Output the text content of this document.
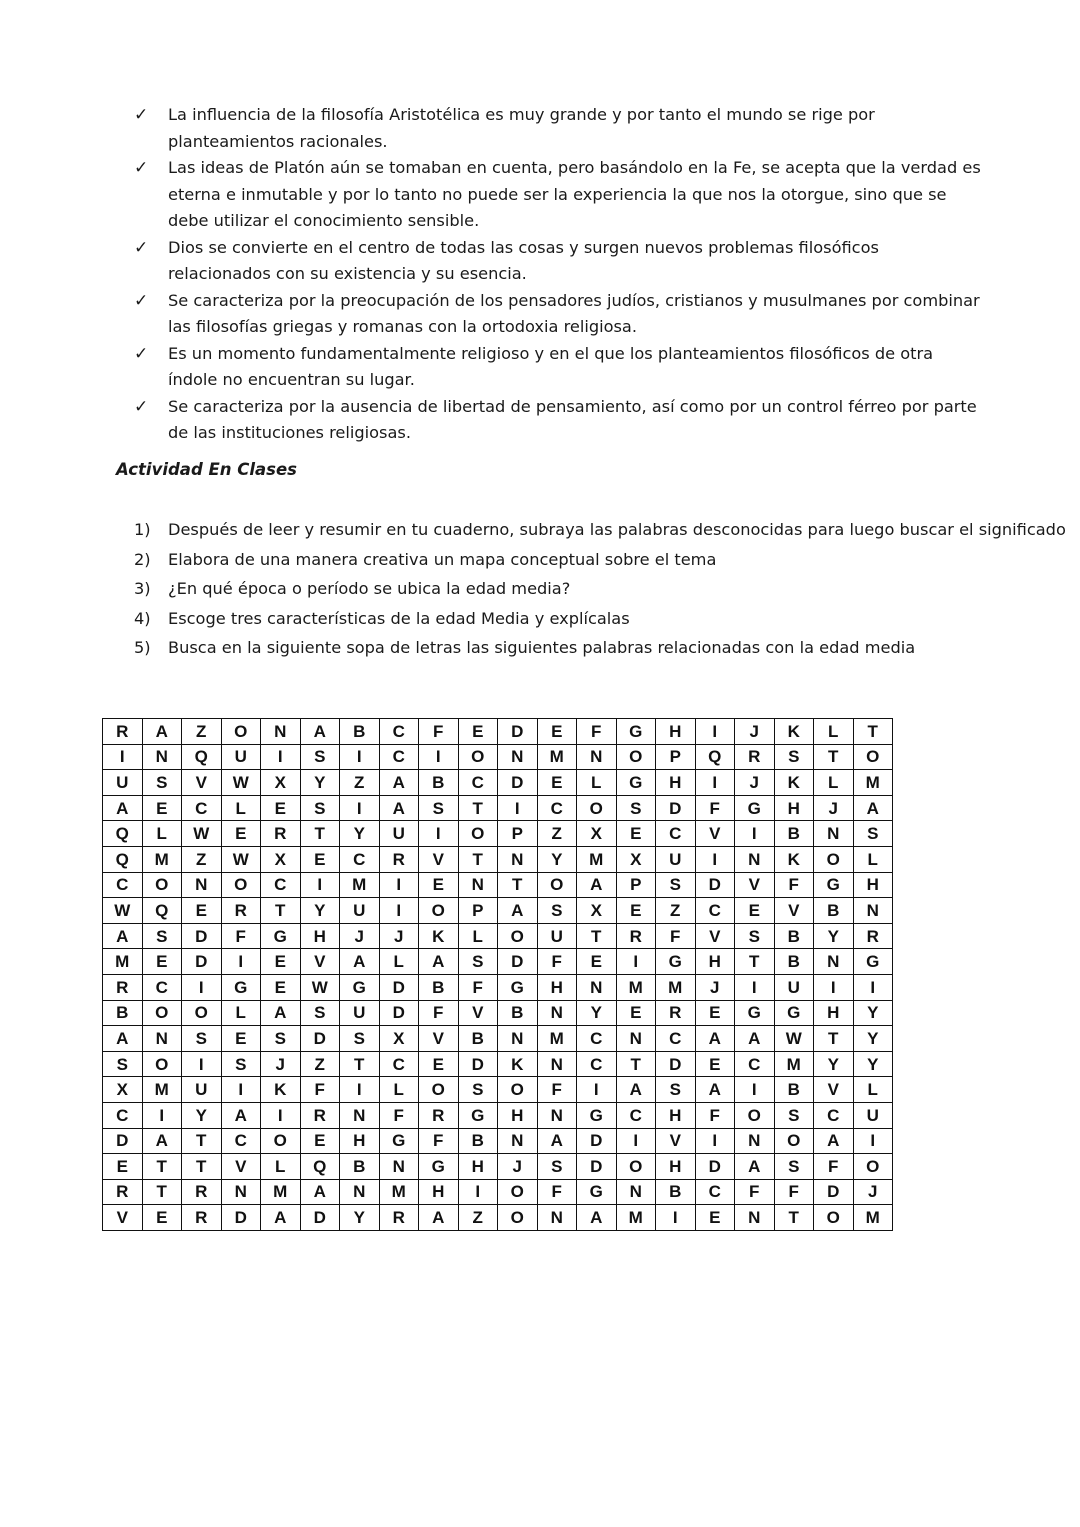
✓ La influencia de la filosofía Aristotélica es muy grande y por tanto el mundo se rige por planteamientos racionales.
✓ Las ideas de Platón aún se tomaban en cuenta, pero basándolo en la Fe, se acepta que la verdad es eterna e inmutable y por lo tanto no puede ser la experiencia la que nos la otorgue, sino que se debe utilizar el conocimiento sensible.
✓ Dios se convierte en el centro de todas las cosas y surgen nuevos problemas filosóficos relacionados con su existencia y su esencia.
✓ Se caracteriza por la preocupación de los pensadores judíos, cristianos y musulmanes por combinar las filosofías griegas y romanas con la ortodoxia religiosa.
✓ Es un momento fundamentalmente religioso y en el que los planteamientos filosóficos de otra índole no encuentran su lugar.
✓ Se caracteriza por la ausencia de libertad de pensamiento, así como por un control férreo por parte de las instituciones religiosas.
Actividad En Clases
1) Después de leer y resumir en tu cuaderno, subraya las palabras desconocidas para luego buscar el significado
2) Elabora de una manera creativa un mapa conceptual sobre el tema
3) ¿En qué época o período se ubica la edad media?
4) Escoge tres características de la edad Media y explícalas
5) Busca en la siguiente sopa de letras las siguientes palabras relacionadas con la edad media
R	A	Z	O	N	A	B	C	F	E	D	E	F	G	H	I	J	K	L	T
I	N	Q	U	I	S	I	C	I	O	N	M	N	O	P	Q	R	S	T	O
U	S	V	W	X	Y	Z	A	B	C	D	E	L	G	H	I	J	K	L	M
A	E	C	L	E	S	I	A	S	T	I	C	O	S	D	F	G	H	J	A
Q	L	W	E	R	T	Y	U	I	O	P	Z	X	E	C	V	I	B	N	S
Q	M	Z	W	X	E	C	R	V	T	N	Y	M	X	U	I	N	K	O	L
C	O	N	O	C	I	M	I	E	N	T	O	A	P	S	D	V	F	G	H
W	Q	E	R	T	Y	U	I	O	P	A	S	X	E	Z	C	E	V	B	N
A	S	D	F	G	H	J	J	K	L	O	U	T	R	F	V	S	B	Y	R
M	E	D	I	E	V	A	L	A	S	D	F	E	I	G	H	T	B	N	G
R	C	I	G	E	W	G	D	B	F	G	H	N	M	M	J	I	U	I	I
B	O	O	L	A	S	U	D	F	V	B	N	Y	E	R	E	G	G	H	Y
A	N	S	E	S	D	S	X	V	B	N	M	C	N	C	A	A	W	T	Y
S	O	I	S	J	Z	T	C	E	D	K	N	C	T	D	E	C	M	Y	Y
X	M	U	I	K	F	I	L	O	S	O	F	I	A	S	A	I	B	V	L
C	I	Y	A	I	R	N	F	R	G	H	N	G	C	H	F	O	S	C	U
D	A	T	C	O	E	H	G	F	B	N	A	D	I	V	I	N	O	A	I
E	T	T	V	L	Q	B	N	G	H	J	S	D	O	H	D	A	S	F	O
R	T	R	N	M	A	N	M	H	I	O	F	G	N	B	C	F	F	D	J
V	E	R	D	A	D	Y	R	A	Z	O	N	A	M	I	E	N	T	O	M
